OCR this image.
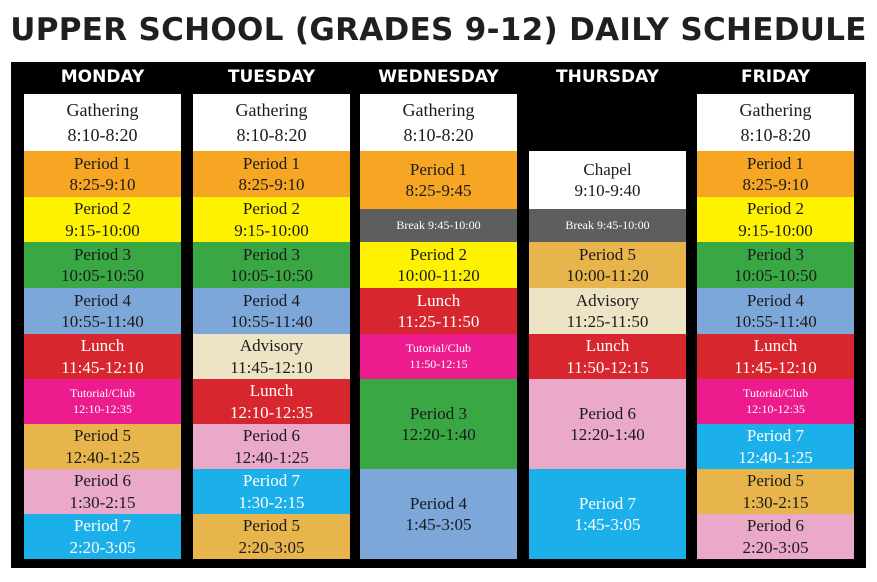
UPPER SCHOOL (GRADES 9-12) DAILY SCHEDULE
MONDAY
Gathering
8:10-8:20
Period 1
8:25-9:10
Period 2
9:15-10:00
Period 3
10:05-10:50
Period 4
10:55-11:40
Lunch
11:45-12:10
Tutorial/Club
12:10-12:35
Period 5
12:40-1:25
Period 6
1:30-2:15
Period 7
2:20-3:05
TUESDAY
Gathering
8:10-8:20
Period 1
8:25-9:10
Period 2
9:15-10:00
Period 3
10:05-10:50
Period 4
10:55-11:40
Advisory
11:45-12:10
Lunch
12:10-12:35
Period 6
12:40-1:25
Period 7
1:30-2:15
Period 5
2:20-3:05
WEDNESDAY
Gathering
8:10-8:20
Period 1
8:25-9:45
Break 9:45-10:00
Period 2
10:00-11:20
Lunch
11:25-11:50
Tutorial/Club
11:50-12:15
Period 3
12:20-1:40
Period 4
1:45-3:05
THURSDAY
Chapel
9:10-9:40
Break 9:45-10:00
Period 5
10:00-11:20
Advisory
11:25-11:50
Lunch
11:50-12:15
Period 6
12:20-1:40
Period 7
1:45-3:05
FRIDAY
Gathering
8:10-8:20
Period 1
8:25-9:10
Period 2
9:15-10:00
Period 3
10:05-10:50
Period 4
10:55-11:40
Lunch
11:45-12:10
Tutorial/Club
12:10-12:35
Period 7
12:40-1:25
Period 5
1:30-2:15
Period 6
2:20-3:05
